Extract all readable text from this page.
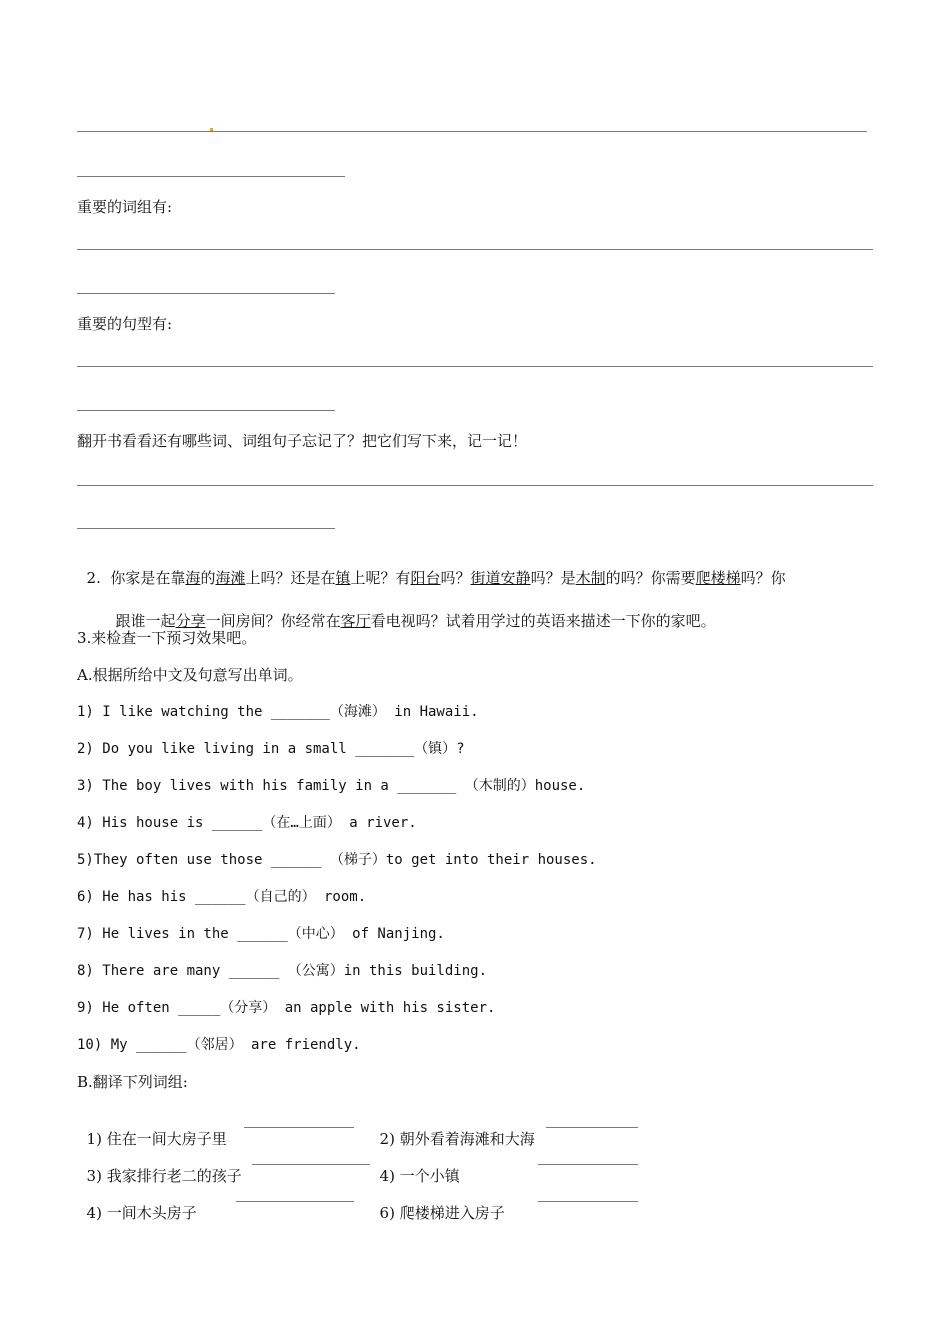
重要的词组有:
重要的句型有:
翻开书看看还有哪些词、词组句子忘记了？把它们写下来，记一记！

2. 你家是在靠海的海滩上吗？还是在镇上呢？有阳台吗？街道安静吗？是木制的吗？你需要爬楼梯吗？你

跟谁一起分享一间房间？你经常在客厅看电视吗？试着用学过的英语来描述一下你的家吧。

3.来检查一下预习效果吧。
A.根据所给中文及句意写出单词。
1) I like watching the _______（海滩） in Hawaii.
2) Do you like living in a small _______（镇）?
3) The boy lives with his family in a _______ （木制的）house.
4) His house is ______（在…上面） a river.
5)They often use those ______ （梯子）to get into their houses.
6) He has his ______（自己的） room.
7) He lives in the ______（中心） of Nanjing.
8) There are many ______ （公寓）in this building.
9) He often _____（分享） an apple with his sister.
10) My ______（邻居） are friendly.
B.翻译下列词组:

1) 住在一间大房子里	2) 朝外看着海滩和大海

3) 我家排行老二的孩子	4) 一个小镇

4) 一间木头房子	6) 爬楼梯进入房子
